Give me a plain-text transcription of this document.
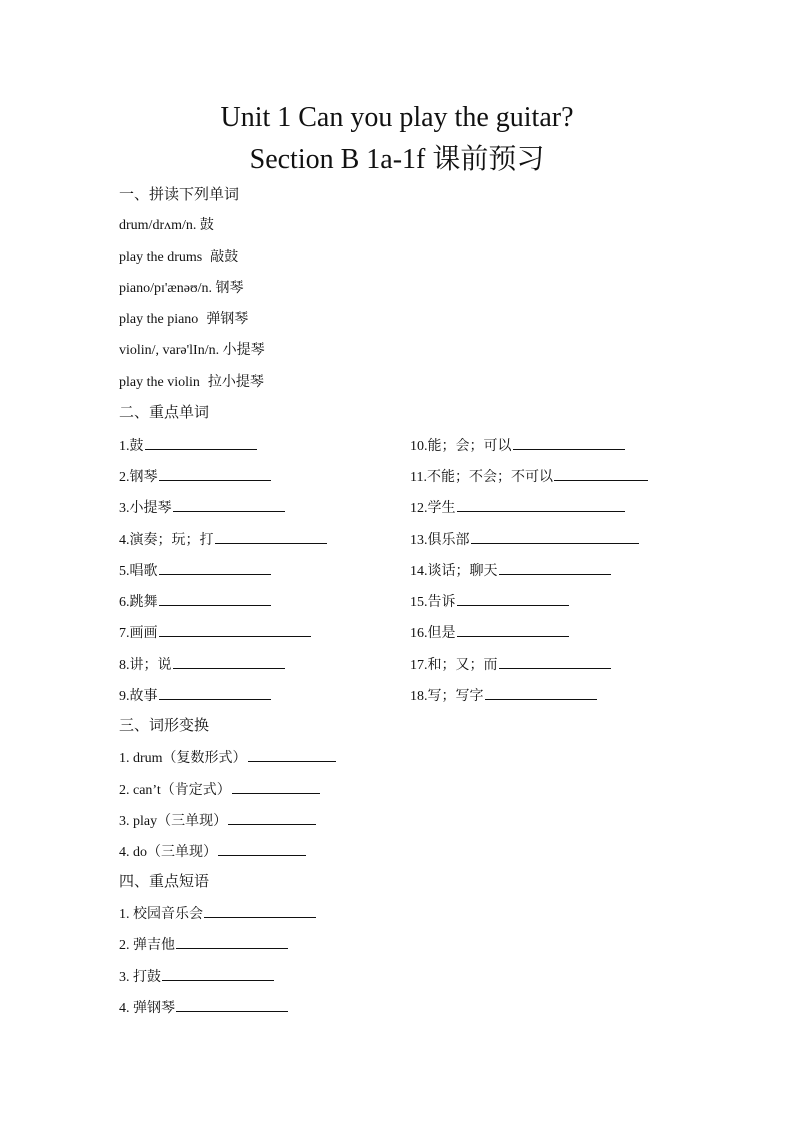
Unit 1 Can you play the guitar?
Section B 1a-1f 课前预习
一、拼读下列单词
drum/drʌm/n. 鼓
play the drums 敲鼓
piano/pɪ'ænəʊ/n. 钢琴
play the piano 弹钢琴
violin/, varə'lIn/n. 小提琴
play the violin 拉小提琴
二、重点单词
1.鼓
2.钢琴
3.小提琴
4.演奏；玩；打
5.唱歌
6.跳舞
7.画画
8.讲；说
9.故事
10.能；会；可以
11.不能；不会；不可以
12.学生
13.俱乐部
14.谈话；聊天
15.告诉
16.但是
17.和；又；而
18.写；写字
三、词形变换
1. drum（复数形式）
2. can’t（肯定式）
3. play（三单现）
4. do（三单现）
四、重点短语
1. 校园音乐会
2. 弹吉他
3. 打鼓
4. 弹钢琴
